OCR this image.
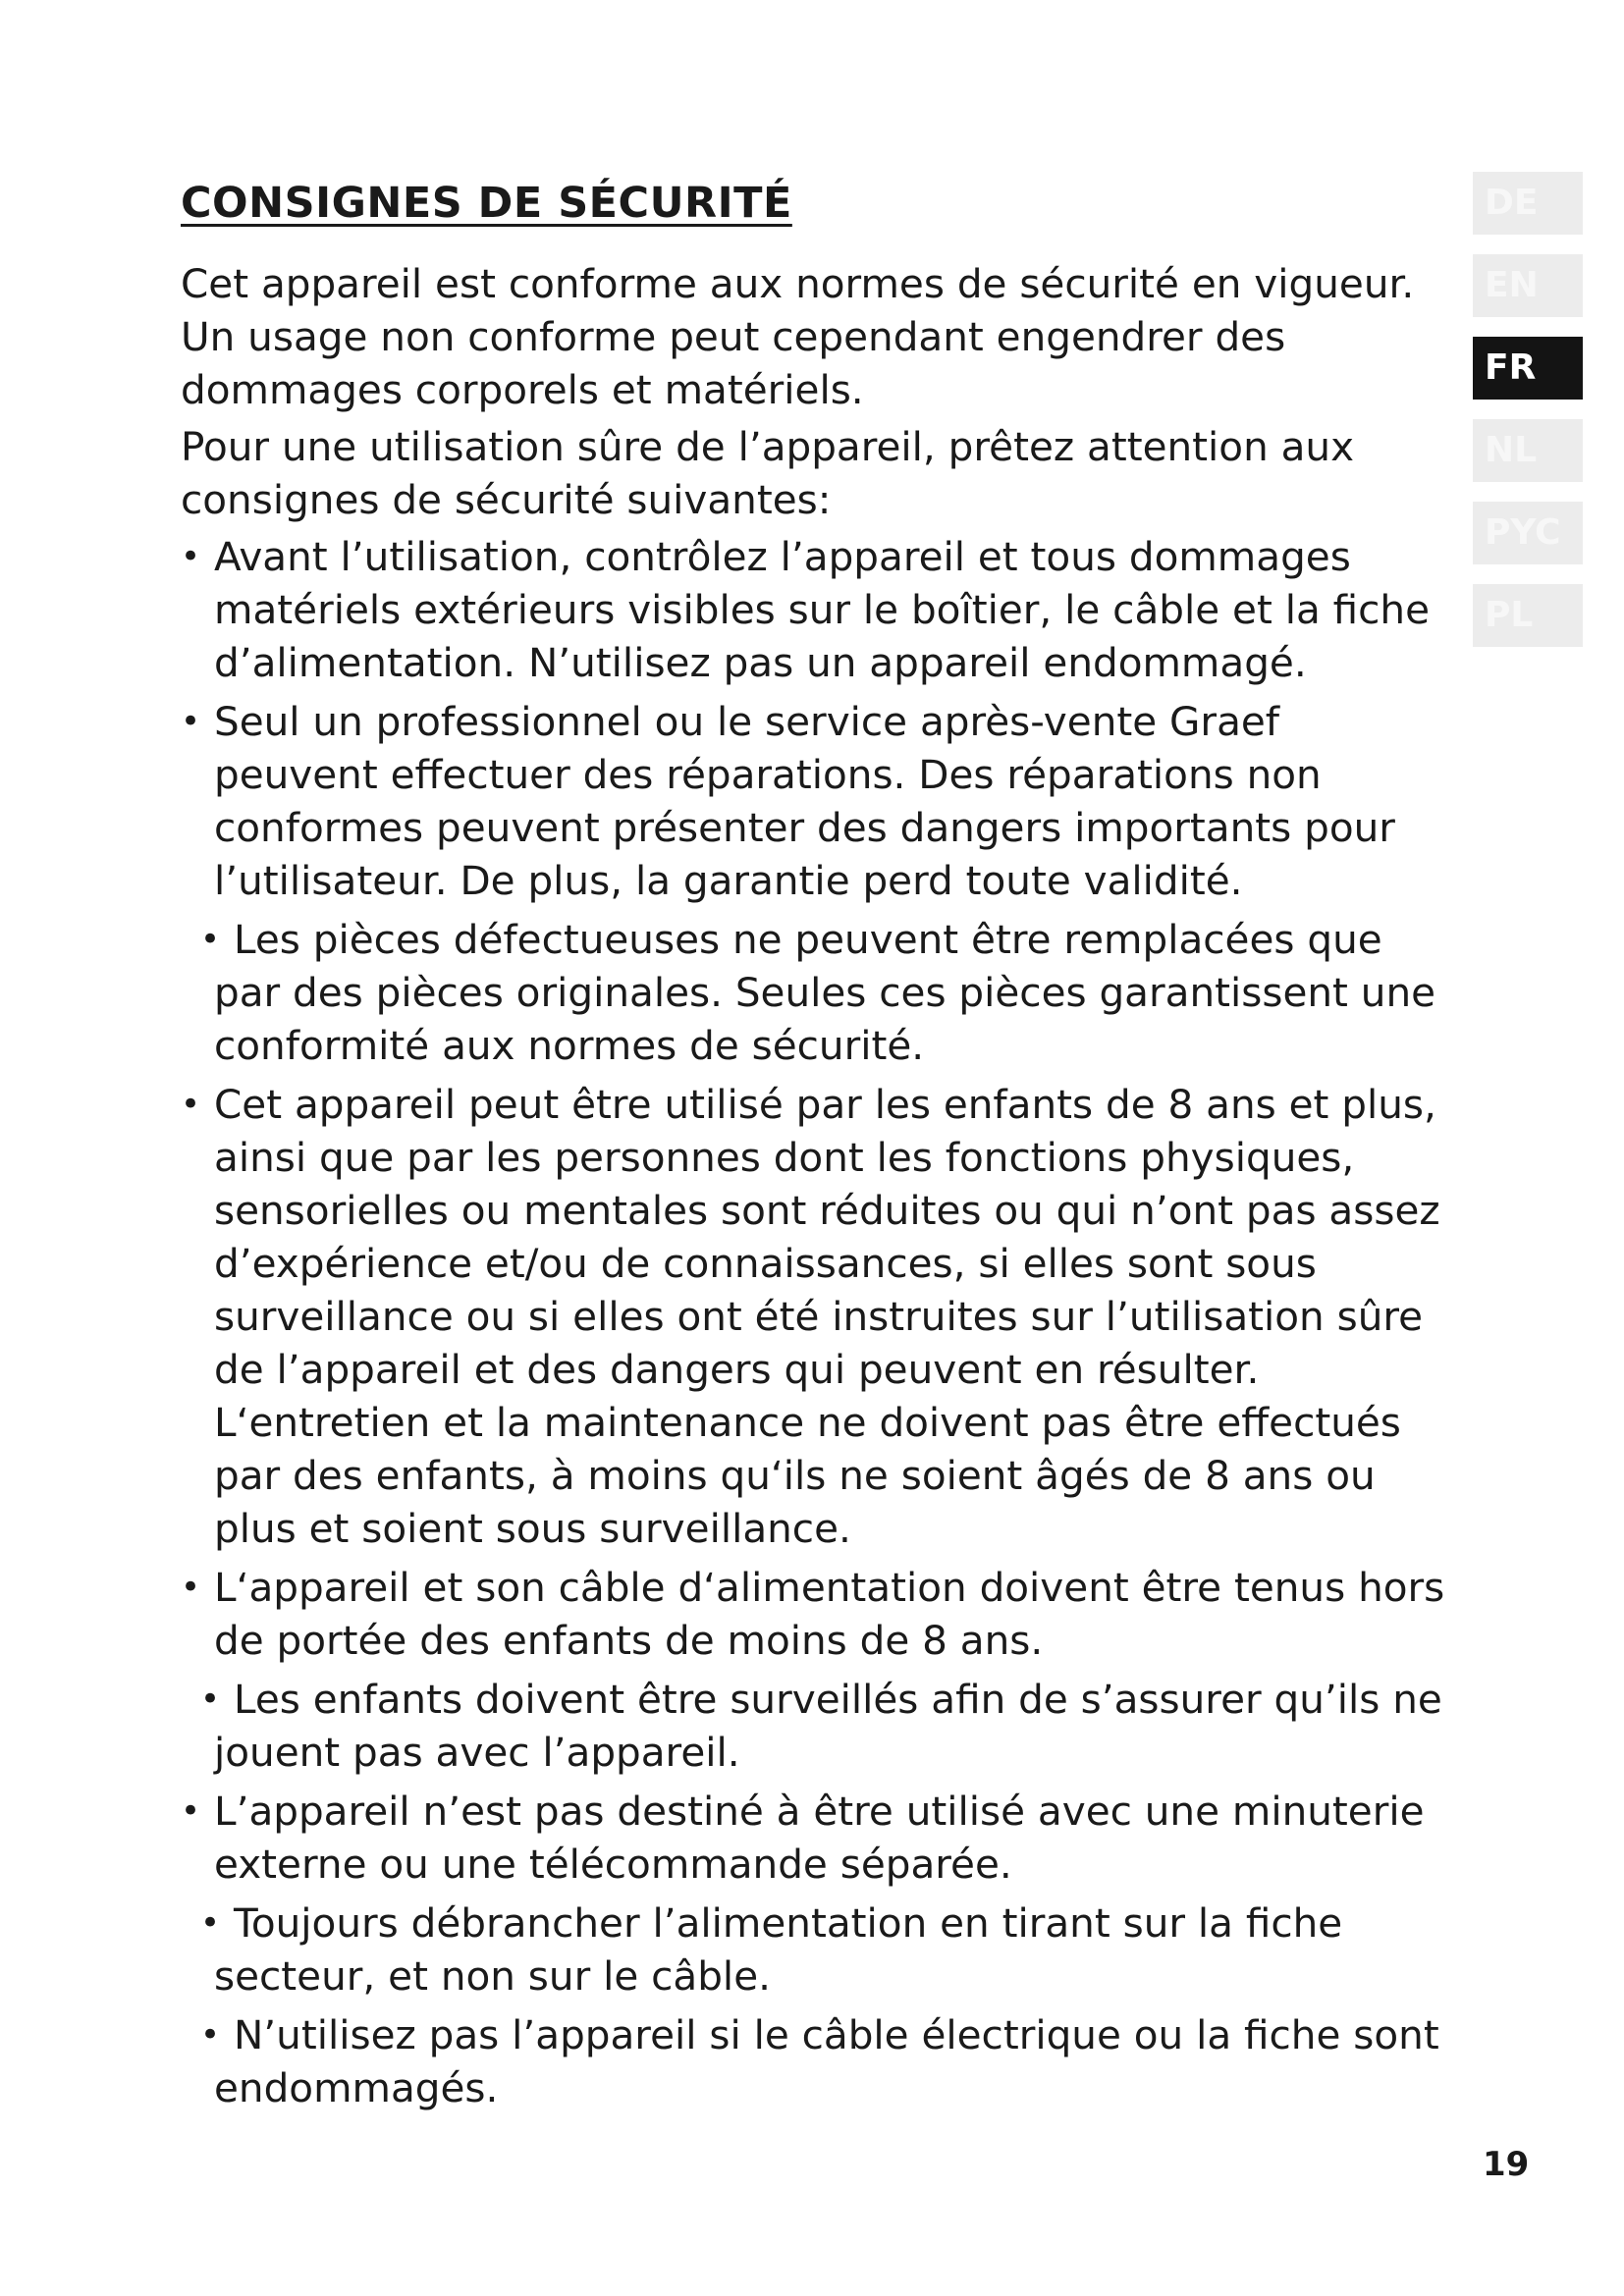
CONSIGNES DE SÉCURITÉ

Cet appareil est conforme aux normes de sécurité en vigueur. Un usage non conforme peut cependant engendrer des dommages corporels et matériels.

Pour une utilisation sûre de l’appareil, prêtez attention aux consignes de sécurité suivantes:

• Avant l’utilisation, contrôlez l’appareil et tous dommages matériels extérieurs visibles sur le boîtier, le câble et la fiche d’alimentation. N’utilisez pas un appareil endommagé.
• Seul un professionnel ou le service après-vente Graef peuvent effectuer des réparations. Des réparations non conformes peuvent présenter des dangers importants pour l’utilisateur. De plus, la garantie perd toute validité.
• Les pièces défectueuses ne peuvent être remplacées que par des pièces originales. Seules ces pièces garantissent une conformité aux normes de sécurité.
• Cet appareil peut être utilisé par les enfants de 8 ans et plus, ainsi que par les personnes dont les fonctions physiques, sensorielles ou mentales sont réduites ou qui n’ont pas assez d’expérience et/ou de connaissances, si elles sont sous surveillance ou si elles ont été instruites sur l’utilisation sûre de l’appareil et des dangers qui peuvent en résulter. L‘entretien et la maintenance ne doivent pas être effectués par des enfants, à moins qu‘ils ne soient âgés de 8 ans ou plus et soient sous surveillance.
• L‘appareil et son câble d‘alimentation doivent être tenus hors de portée des enfants de moins de 8 ans.
• Les enfants doivent être surveillés afin de s’assurer qu’ils ne jouent pas avec l’appareil.
• L’appareil n’est pas destiné à être utilisé avec une minuterie externe ou une télécommande séparée.
• Toujours débrancher l’alimentation en tirant sur la fiche secteur, et non sur le câble.
• N’utilisez pas l’appareil si le câble électrique ou la fiche sont endommagés.
DE
EN
FR
NL
PYC
PL
19
